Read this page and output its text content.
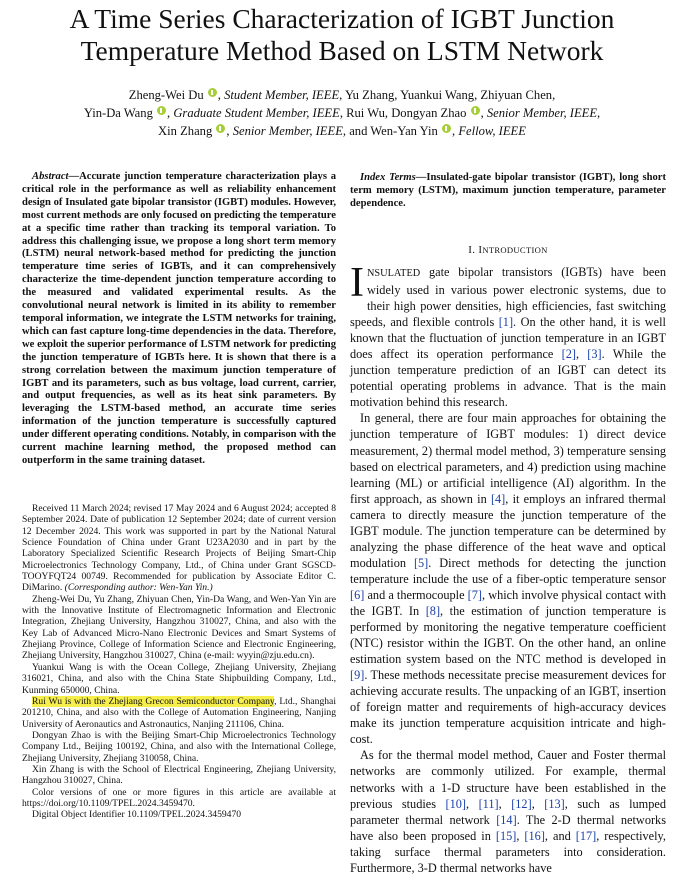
A Time Series Characterization of IGBT Junction
Temperature Method Based on LSTM Network
Zheng-Wei Du , Student Member, IEEE, Yu Zhang, Yuankui Wang, Zhiyuan Chen,
Yin-Da Wang , Graduate Student Member, IEEE, Rui Wu, Dongyan Zhao , Senior Member, IEEE,
Xin Zhang , Senior Member, IEEE, and Wen-Yan Yin , Fellow, IEEE

Abstract—Accurate junction temperature characterization plays a critical role in the performance as well as reliability enhancement design of Insulated gate bipolar transistor (IGBT) modules. However, most current methods are only focused on predicting the temperature at a specific time rather than tracking its temporal variation. To address this challenging issue, we propose a long short term memory (LSTM) neural network-based method for predicting the junction temperature time series of IGBTs, and it can comprehensively characterize the time-dependent junction temperature according to the measured and validated experimental results. As the convolutional neural network is limited in its ability to remember temporal information, we integrate the LSTM networks for training, which can fast capture long-time dependencies in the data. Therefore, we exploit the superior performance of LSTM network for predicting the junction temperature of IGBTs here. It is shown that there is a strong correlation between the maximum junction temperature of IGBT and its parameters, such as bus voltage, load current, carrier, and output frequencies, as well as its heat sink parameters. By leveraging the LSTM-based method, an accurate time series information of the junction temperature is successfully captured under different operating conditions. Notably, in comparison with the current machine learning method, the proposed method can outperform in the same training dataset.

Index Terms—Insulated-gate bipolar transistor (IGBT), long short term memory (LSTM), maximum junction temperature, parameter dependence.

Received 11 March 2024; revised 17 May 2024 and 6 August 2024; accepted 8 September 2024. Date of publication 12 September 2024; date of current version 12 December 2024. This work was supported in part by the National Natural Science Foundation of China under Grant U23A2030 and in part by the Laboratory Specialized Scientific Research Projects of Beijing Smart-Chip Microelectronics Technology Company, Ltd., of China under Grant SGSCD-TOOYFQT24 00749. Recommended for publication by Associate Editor C. DiMarino. (Corresponding author: Wen-Yan Yin.)

Zheng-Wei Du, Yu Zhang, Zhiyuan Chen, Yin-Da Wang, and Wen-Yan Yin are with the Innovative Institute of Electromagnetic Information and Electronic Integration, Zhejiang University, Hangzhou 310027, China, and also with the Key Lab of Advanced Micro-Nano Electronic Devices and Smart Systems of Zhejiang Province, College of Information Science and Electronic Engineering, Zhejiang University, Hangzhou 310027, China (e-mail: wyyin@zju.edu.cn).

Yuankui Wang is with the Ocean College, Zhejiang University, Zhejiang 316021, China, and also with the China State Shipbuilding Company, Ltd., Kunming 650000, China.

Rui Wu is with the Zhejiang Grecon Semiconductor Company, Ltd., Shanghai 201210, China, and also with the College of Automation Engineering, Nanjing University of Aeronautics and Astronautics, Nanjing 211106, China.

Dongyan Zhao is with the Beijing Smart-Chip Microelectronics Technology Company Ltd., Beijing 100192, China, and also with the International College, Zhejiang University, Zhejiang 310058, China.

Xin Zhang is with the School of Electrical Engineering, Zhejiang University, Hangzhou 310027, China.

Color versions of one or more figures in this article are available at https://doi.org/10.1109/TPEL.2024.3459470.

Digital Object Identifier 10.1109/TPEL.2024.3459470

I. INTRODUCTION

INSULATED gate bipolar transistors (IGBTs) have been widely used in various power electronic systems, due to their high power densities, high efficiencies, fast switching speeds, and flexible controls [1]. On the other hand, it is well known that the fluctuation of junction temperature in an IGBT does affect its operation performance [2], [3]. While the junction temperature prediction of an IGBT can detect its potential operating problems in advance. That is the main motivation behind this research.

In general, there are four main approaches for obtaining the junction temperature of IGBT modules: 1) direct device measurement, 2) thermal model method, 3) temperature sensing based on electrical parameters, and 4) prediction using machine learning (ML) or artificial intelligence (AI) algorithm. In the first approach, as shown in [4], it employs an infrared thermal camera to directly measure the junction temperature of the IGBT module. The junction temperature can be determined by analyzing the phase difference of the heat wave and optical modulation [5]. Direct methods for detecting the junction temperature include the use of a fiber-optic temperature sensor [6] and a thermocouple [7], which involve physical contact with the IGBT. In [8], the estimation of junction temperature is performed by monitoring the negative temperature coefficient (NTC) resistor within the IGBT. On the other hand, an online estimation system based on the NTC method is developed in [9]. These methods necessitate precise measurement devices for achieving accurate results. The unpacking of an IGBT, insertion of foreign matter and requirements of high-accuracy devices make its junction temperature acquisition intricate and high-cost.

As for the thermal model method, Cauer and Foster thermal networks are commonly utilized. For example, thermal networks with a 1-D structure have been established in the previous studies [10], [11], [12], [13], such as lumped parameter thermal network [14]. The 2-D thermal networks have also been proposed in [15], [16], and [17], respectively, taking surface thermal parameters into consideration. Furthermore, 3-D thermal networks have
